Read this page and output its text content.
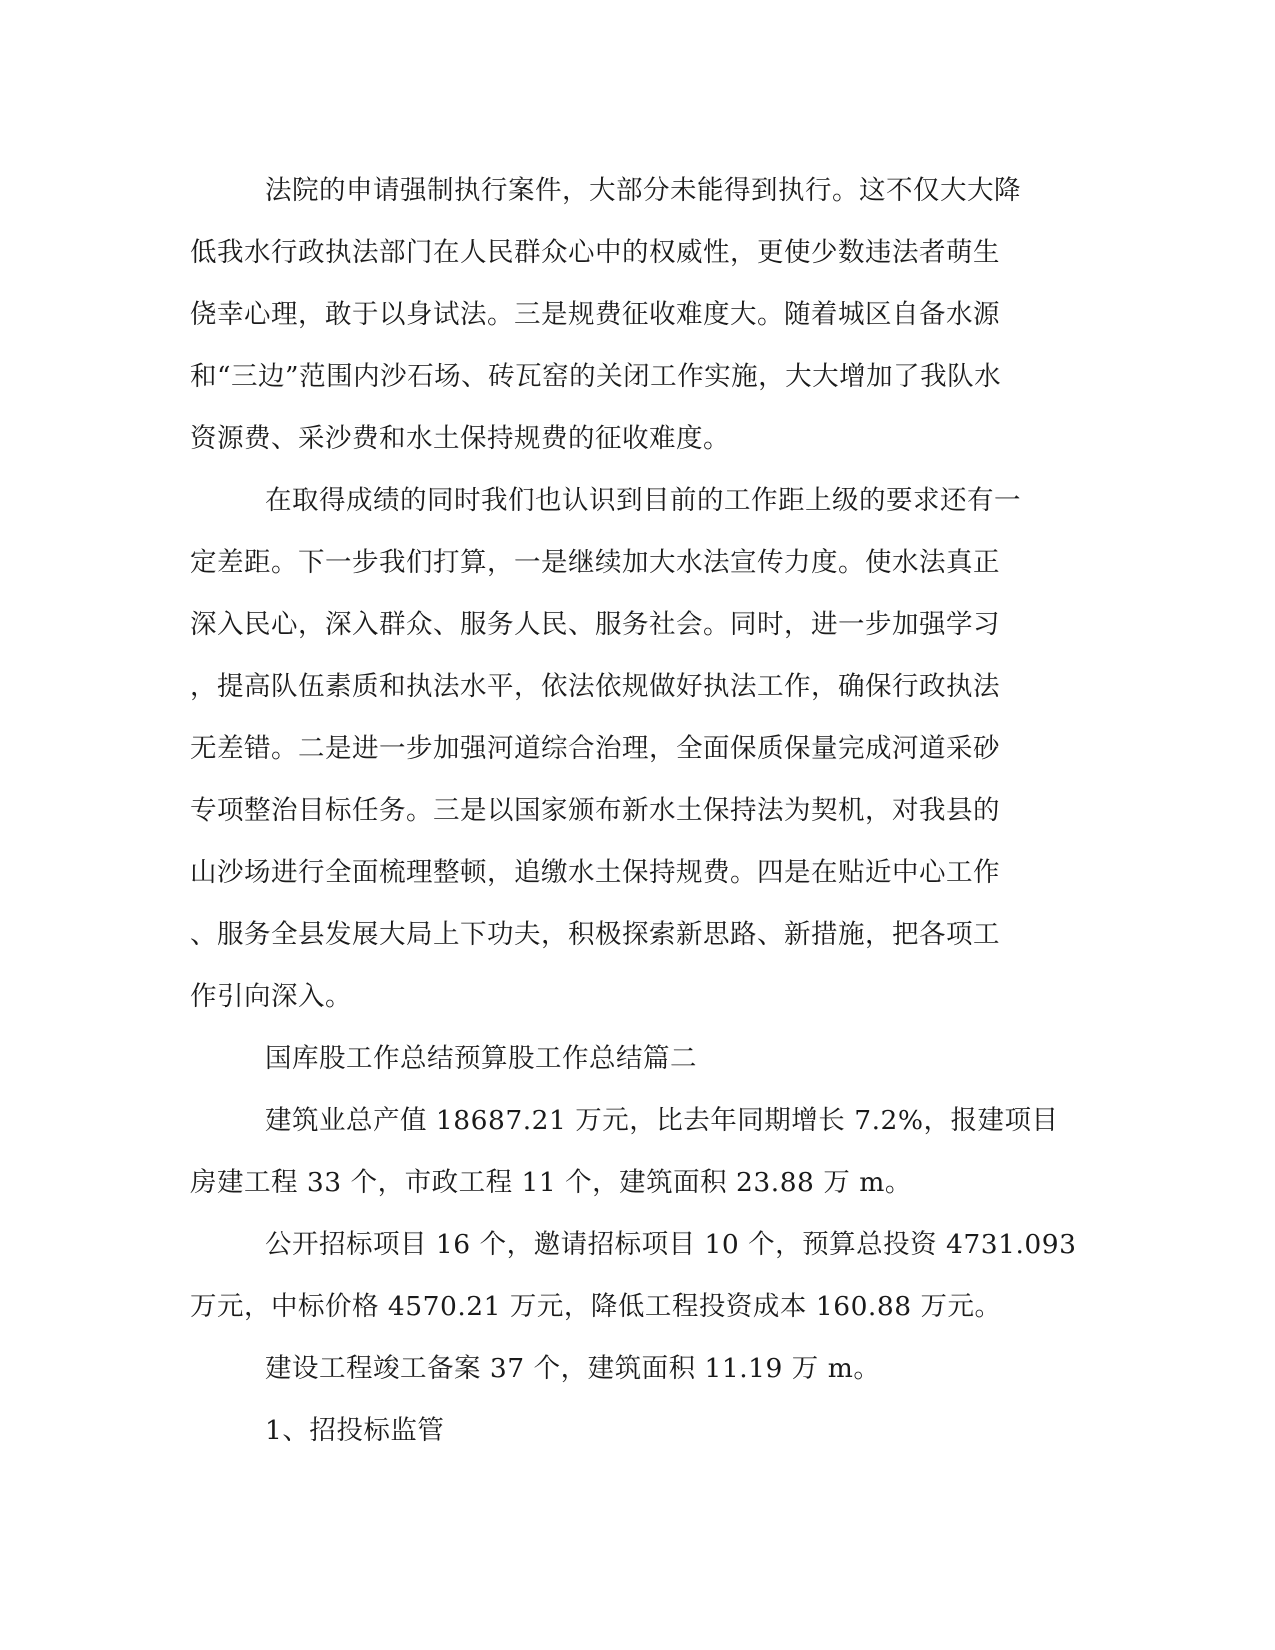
法院的申请强制执行案件，大部分未能得到执行。这不仅大大降
低我水行政执法部门在人民群众心中的权威性，更使少数违法者萌生
侥幸心理，敢于以身试法。三是规费征收难度大。随着城区自备水源
和“三边”范围内沙石场、砖瓦窑的关闭工作实施，大大增加了我队水
资源费、采沙费和水土保持规费的征收难度。
在取得成绩的同时我们也认识到目前的工作距上级的要求还有一
定差距。下一步我们打算，一是继续加大水法宣传力度。使水法真正
深入民心，深入群众、服务人民、服务社会。同时，进一步加强学习
，提高队伍素质和执法水平，依法依规做好执法工作，确保行政执法
无差错。二是进一步加强河道综合治理，全面保质保量完成河道采砂
专项整治目标任务。三是以国家颁布新水土保持法为契机，对我县的
山沙场进行全面梳理整顿，追缴水土保持规费。四是在贴近中心工作
、服务全县发展大局上下功夫，积极探索新思路、新措施，把各项工
作引向深入。
国库股工作总结预算股工作总结篇二
建筑业总产值 18687.21 万元，比去年同期增长 7.2%，报建项目
房建工程 33 个，市政工程 11 个，建筑面积 23.88 万 m。
公开招标项目 16 个，邀请招标项目 10 个，预算总投资 4731.093
万元，中标价格 4570.21 万元，降低工程投资成本 160.88 万元。
建设工程竣工备案 37 个，建筑面积 11.19 万 m。
1、招投标监管
